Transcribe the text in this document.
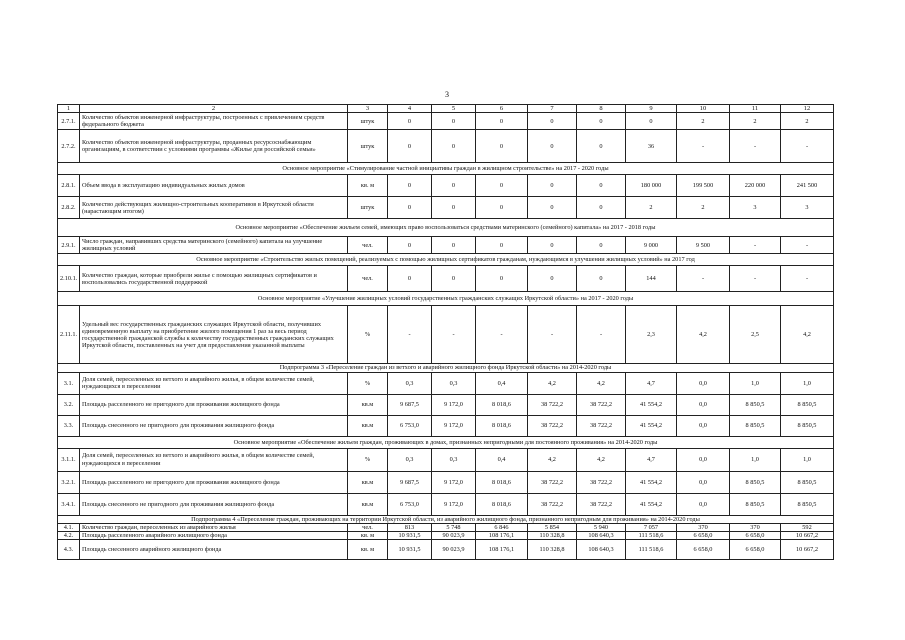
3
1	2	3	4	5	6	7	8	9	10	11	12
2.7.1.	Количество объектов инженерной инфраструктуры, построенных с привлечением средств федерального бюджета	штук	0	0	0	0	0	0	2	2	2
2.7.2.	Количество объектов инженерной инфраструктуры, проданных ресурсоснабжающим организациям, в соответствии с условиями программы «Жилье для российской семьи»	штук	0	0	0	0	0	36	-	-	-
Основное мероприятие «Стимулирование частной инициативы граждан в жилищном строительстве» на 2017 - 2020 годы											
2.8.1.	Объем ввода в эксплуатацию индивидуальных жилых домов	кв. м	0	0	0	0	0	180 000	199 500	220 000	241 500
2.8.2.	Количество действующих жилищно-строительных кооперативов в Иркутской области (нарастающим итогом)	штук	0	0	0	0	0	2	2	3	3
Основное мероприятие «Обеспечение жильем семей, имеющих право воспользоваться средствами материнского (семейного) капитала» на 2017 - 2018 годы											
2.9.1.	Число граждан, направивших средства материнского (семейного) капитала на улучшение жилищных условий	чел.	0	0	0	0	0	9 000	9 500	-	-
Основное мероприятие «Строительство жилых помещений, реализуемых с помощью жилищных сертификатов гражданам, нуждающимся в улучшении жилищных условий» на 2017 год											
2.10.1.	Количество граждан, которые приобрели жилье с помощью жилищных сертификатов и воспользовались государственной поддержкой	чел.	0	0	0	0	0	144	-	-	-
Основное мероприятие «Улучшение жилищных условий государственных гражданских служащих Иркутской области» на 2017 - 2020 годы											
2.11.1.	Удельный вес государственных гражданских служащих Иркутской области, получивших единовременную выплату на приобретение жилого помещения 1 раз за весь период государственной гражданской службы к количеству государственных гражданских служащих Иркутской области, поставленных на учет для предоставления указанной выплаты	%	-	-	-	-	-	2,3	4,2	2,5	4,2
Подпрограмма 3 «Переселение граждан из ветхого и аварийного жилищного фонда Иркутской области» на 2014-2020 годы											
3.1.	Доля семей, переселенных из ветхого и аварийного жилья, в общем количестве семей, нуждающихся в переселении	%	0,3	0,3	0,4	4,2	4,2	4,7	0,0	1,0	1,0
3.2.	Площадь расселенного не пригодного для проживания жилищного фонда	кв.м	9 687,5	9 172,0	8 018,6	38 722,2	38 722,2	41 554,2	0,0	8 850,5	8 850,5
3.3.	Площадь снесенного не пригодного для проживания жилищного фонда	кв.м	6 753,0	9 172,0	8 018,6	38 722,2	38 722,2	41 554,2	0,0	8 850,5	8 850,5
Основное мероприятие «Обеспечение жильем граждан, проживающих в домах, признанных непригодными для постоянного проживания» на 2014-2020 годы											
3.1.1.	Доля семей, переселенных из ветхого и аварийного жилья, в общем количестве семей, нуждающихся в переселении	%	0,3	0,3	0,4	4,2	4,2	4,7	0,0	1,0	1,0
3.2.1.	Площадь расселенного не пригодного для проживания жилищного фонда	кв.м	9 687,5	9 172,0	8 018,6	38 722,2	38 722,2	41 554,2	0,0	8 850,5	8 850,5
3.4.1.	Площадь снесенного не пригодного для проживания жилищного фонда	кв.м	6 753,0	9 172,0	8 018,6	38 722,2	38 722,2	41 554,2	0,0	8 850,5	8 850,5
Подпрограмма 4 «Переселение граждан, проживающих на территории Иркутской области, из аварийного жилищного фонда, признанного непригодным для проживания» на 2014-2020 годы											
4.1.	Количество граждан, переселенных из аварийного жилья	чел.	813	5 748	6 846	5 854	5 940	7 057	370	370	592
4.2.	Площадь расселенного аварийного жилищного фонда	кв. м	10 931,5	90 023,9	108 176,1	110 328,8	108 640,3	111 518,6	6 658,0	6 658,0	10 667,2
4.3.	Площадь снесенного аварийного жилищного фонда	кв. м	10 931,5	90 023,9	108 176,1	110 328,8	108 640,3	111 518,6	6 658,0	6 658,0	10 667,2
